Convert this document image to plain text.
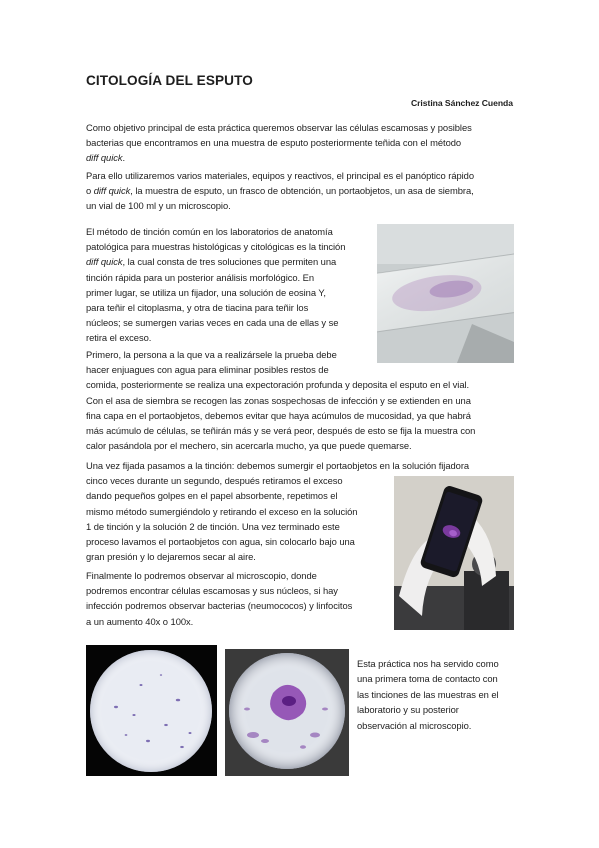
CITOLOGÍA DEL ESPUTO
Cristina Sánchez Cuenda
Como objetivo principal de esta práctica queremos observar las células escamosas y posibles
bacterias que encontramos en una muestra de esputo posteriormente teñida con el método
diff quick.
Para ello utilizaremos varios materiales, equipos y reactivos, el principal es el panóptico rápido
o diff quick, la muestra de esputo, un frasco de obtención, un portaobjetos, un asa de siembra,
un vial de 100 ml y un microscopio.
El método de tinción común en los laboratorios de anatomía
patológica para muestras histológicas y citológicas es la tinción
diff quick, la cual consta de tres soluciones que permiten una
tinción rápida para un posterior análisis morfológico. En
primer lugar, se utiliza un fijador, una solución de eosina Y,
para teñir el citoplasma, y otra de tiacina para teñir los
núcleos; se sumergen varias veces en cada una de ellas y se
retira el exceso.
Primero, la persona a la que va a realizársele la prueba debe
hacer enjuagues con agua para eliminar posibles restos de
comida, posteriormente se realiza una expectoración profunda y deposita el esputo en el vial.
Con el asa de siembra se recogen las zonas sospechosas de infección y se extienden en una
fina capa en el portaobjetos, debemos evitar que haya acúmulos de mucosidad, ya que habrá
más acúmulo de células, se teñirán más y se verá peor, después de esto se fija la muestra con
calor pasándola por el mechero, sin acercarla mucho, ya que puede quemarse.
Una vez fijada pasamos a la tinción: debemos sumergir el portaobjetos en la solución fijadora
cinco veces durante un segundo, después retiramos el exceso
dando pequeños golpes en el papel absorbente, repetimos el
mismo método sumergiéndolo y retirando el exceso en la solución
1 de tinción y la solución 2 de tinción. Una vez terminado este
proceso lavamos el portaobjetos con agua, sin colocarlo bajo una
gran presión y lo dejaremos secar al aire.
Finalmente lo podremos observar al microscopio, donde
podremos encontrar células escamosas y sus núcleos, si hay
infección podremos observar bacterias (neumococos) y linfocitos
a un aumento 40x o 100x.
Esta práctica nos ha servido como
una primera toma de contacto con
las tinciones de las muestras en el
laboratorio y su posterior
observación al microscopio.
